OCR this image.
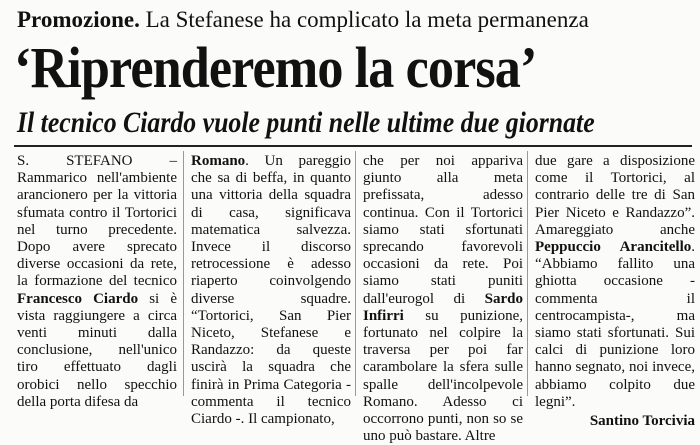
Promozione. La Stefanese ha complicato la meta permanenza
‘Riprenderemo la corsa’
Il tecnico Ciardo vuole punti nelle ultime due giornate
S. STEFANO – Rammarico nell'ambiente arancionero per la vittoria sfumata contro il Tortorici nel turno precedente. Dopo avere sprecato diverse occasioni da rete, la formazione del tecnico Francesco Ciardo si è vista raggiungere a circa venti minuti dalla conclusione, nell'unico tiro effettuato dagli orobici nello specchio della porta difesa da
Romano. Un pareggio che sa di beffa, in quanto una vittoria della squadra di casa, significava matematica salvezza. Invece il discorso retrocessione è adesso riaperto coinvolgendo diverse squadre. “Tortorici, San Pier Niceto, Stefanese e Randazzo: da queste uscirà la squadra che finirà in Prima Categoria - commenta il tecnico Ciardo -. Il campionato,
che per noi appariva giunto alla meta prefissata, adesso continua. Con il Tortorici siamo stati sfortunati sprecando favorevoli occasioni da rete. Poi siamo stati puniti dall'eurogol di Sardo Infirri su punizione, fortunato nel colpire la traversa per poi far carambolare la sfera sulle spalle dell'incolpevole Romano. Adesso ci occorrono punti, non so se uno può bastare. Altre
due gare a disposizione come il Tortorici, al contrario delle tre di San Pier Niceto e Randazzo”. Amareggiato anche Peppuccio Arancitello. “Abbiamo fallito una ghiotta occasione - commenta il centrocampista-, ma siamo stati sfortunati. Sui calci di punizione loro hanno segnato, noi invece, abbiamo colpito due legni”.
Santino Torcivia
